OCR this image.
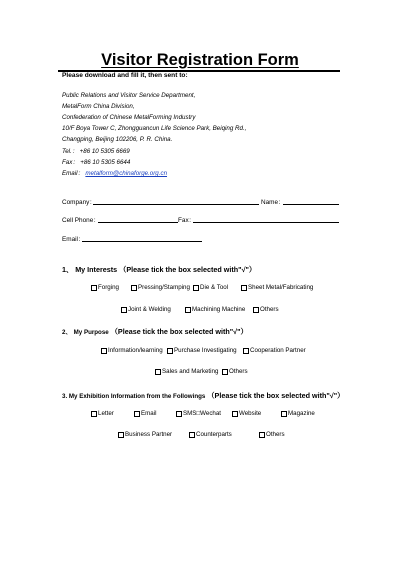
Visitor Registration Form
Please download and fill it, then sent to:
Public Relations and Visitor Service Department,
MetalForm China Division,
Confederation of Chinese MetalForming Industry
10/F Boya Tower C, Zhongguancun Life Science Park, Beiqing Rd.,
Changping, Beijing 102206, P. R. China.
Tel.： +86 10 5305 6669
Fax： +86 10 5305 6644
Email： metalform@chinaforge.org.cn
Company：	Name：
Cell Phone：	Fax：
Email：
1、 My Interests （Please tick the box selected with"√"）
Forging	Pressing/Stamping Die & Tool	Sheet Metal/Fabricating
Joint & Welding	Machining Machine Others
2、 My Purpose （Please tick the box selected with"√"）
Information/learning Purchase Investigating Cooperation Partner
Sales and Marketing Others
3. My Exhibition Information from the Followings （Please tick the box selected with"√"）
Letter	Email	SMS□Wechat	Website	Magazine
Business Partner	Counterparts	Others
